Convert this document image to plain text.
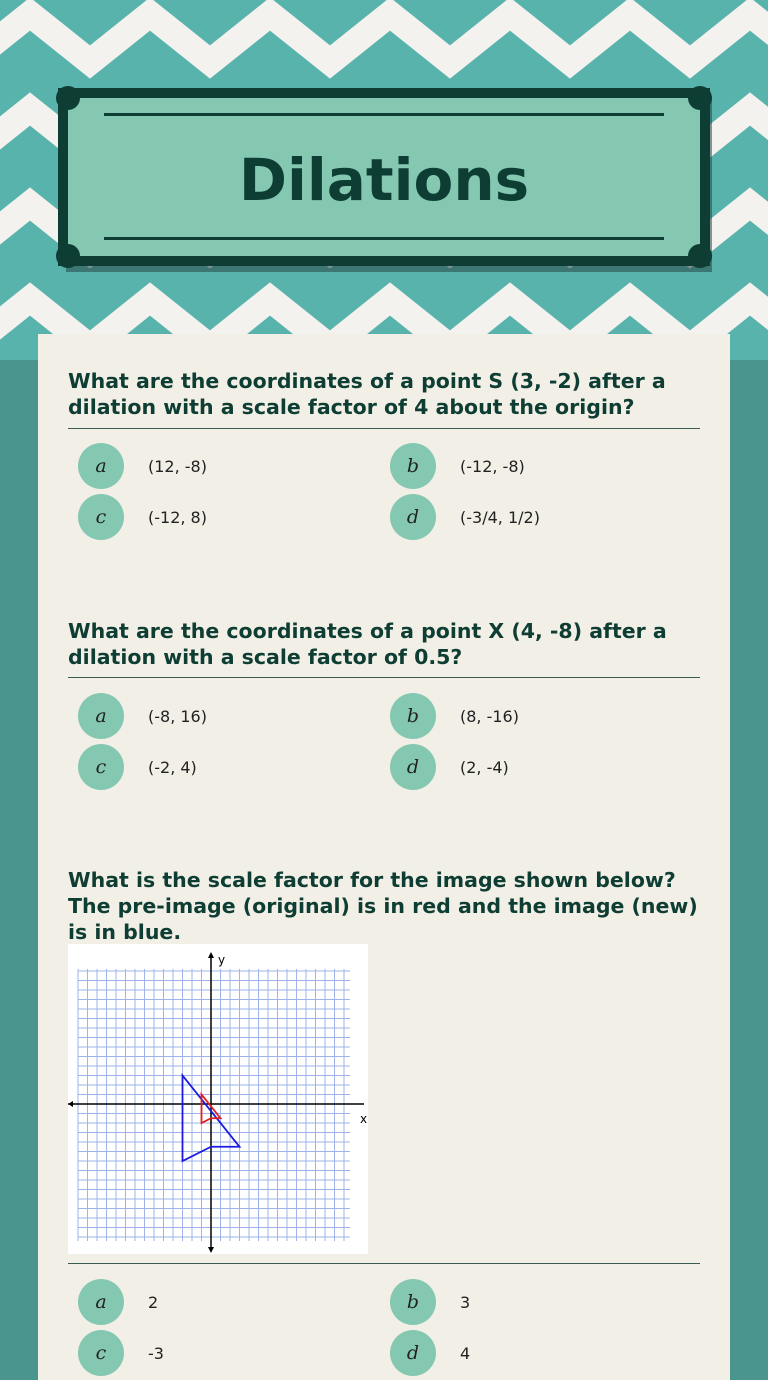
Dilations
What are the coordinates of a point S (3, -2) after a dilation with a scale factor of 4 about the origin?
a	(12, -8)	b	(-12, -8)
c	(-12, 8)	d	(-3/4, 1/2)
What are the coordinates of a point X (4, -8) after a dilation with a scale factor of 0.5?
a	(-8, 16)	b	(8, -16)
c	(-2, 4)	d	(2, -4)
What is the scale factor for the image shown below? The pre-image (original) is in red and the image (new) is in blue.
x
y
a	2	b	3
c	-3	d	4
